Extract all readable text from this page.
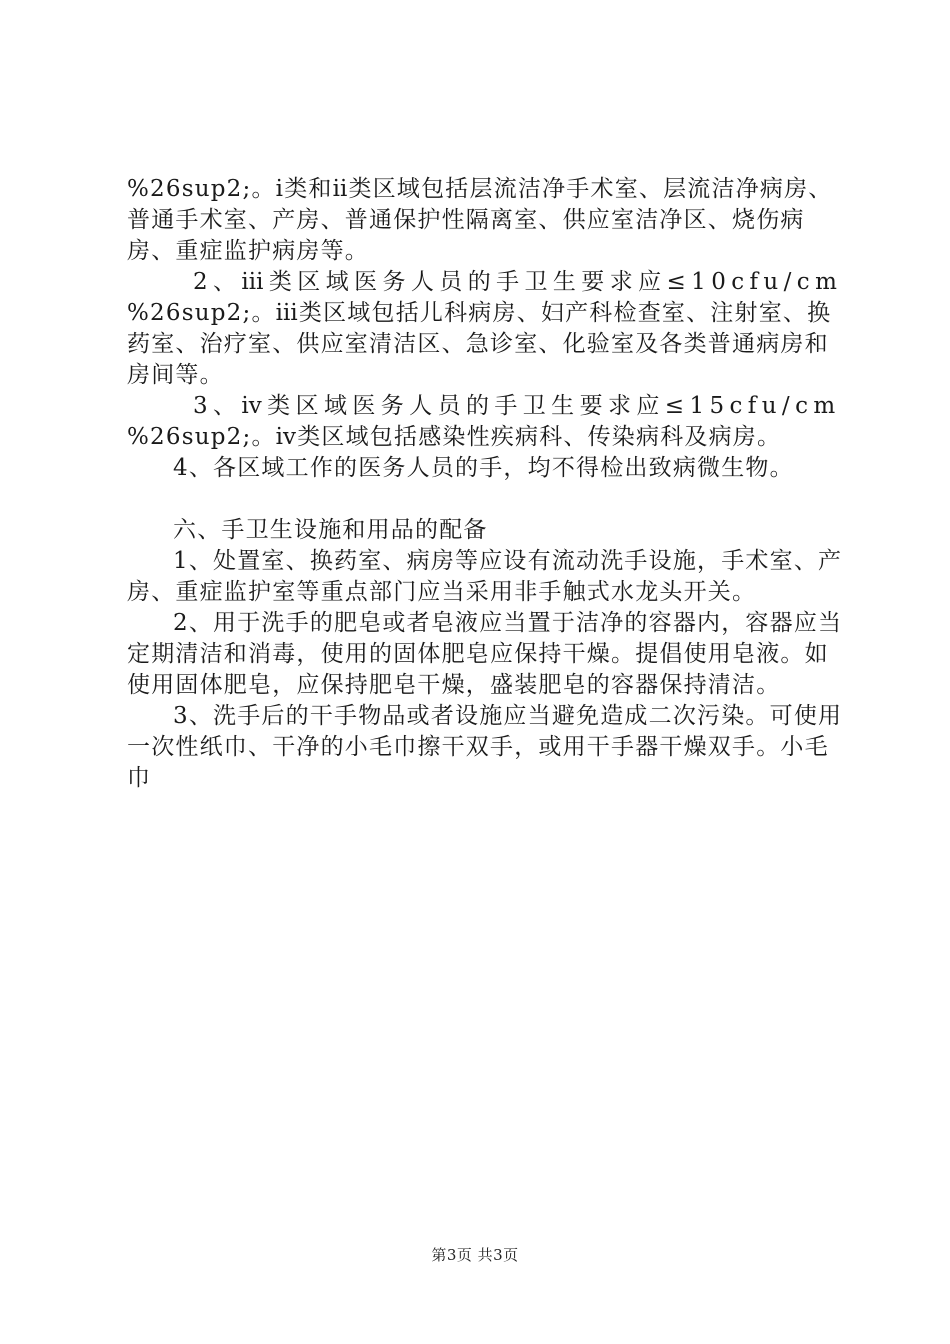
%26sup2;。ⅰ类和ⅱ类区域包括层流洁净手术室、层流洁净病房、普通手术室、产房、普通保护性隔离室、供应室洁净区、烧伤病房、重症监护病房等。

2、ⅲ类区域医务人员的手卫生要求应≤10cfu/cm

%26sup2;。ⅲ类区域包括儿科病房、妇产科检查室、注射室、换药室、治疗室、供应室清洁区、急诊室、化验室及各类普通病房和房间等。

3、ⅳ类区域医务人员的手卫生要求应≤15cfu/cm

%26sup2;。ⅳ类区域包括感染性疾病科、传染病科及病房。

4、各区域工作的医务人员的手，均不得检出致病微生物。

六、手卫生设施和用品的配备

1、处置室、换药室、病房等应设有流动洗手设施，手术室、产房、重症监护室等重点部门应当采用非手触式水龙头开关。

2、用于洗手的肥皂或者皂液应当置于洁净的容器内，容器应当定期清洁和消毒，使用的固体肥皂应保持干燥。提倡使用皂液。如使用固体肥皂，应保持肥皂干燥，盛装肥皂的容器保持清洁。

3、洗手后的干手物品或者设施应当避免造成二次污染。可使用一次性纸巾、干净的小毛巾擦干双手，或用干手器干燥双手。小毛巾

第3页 共3页
